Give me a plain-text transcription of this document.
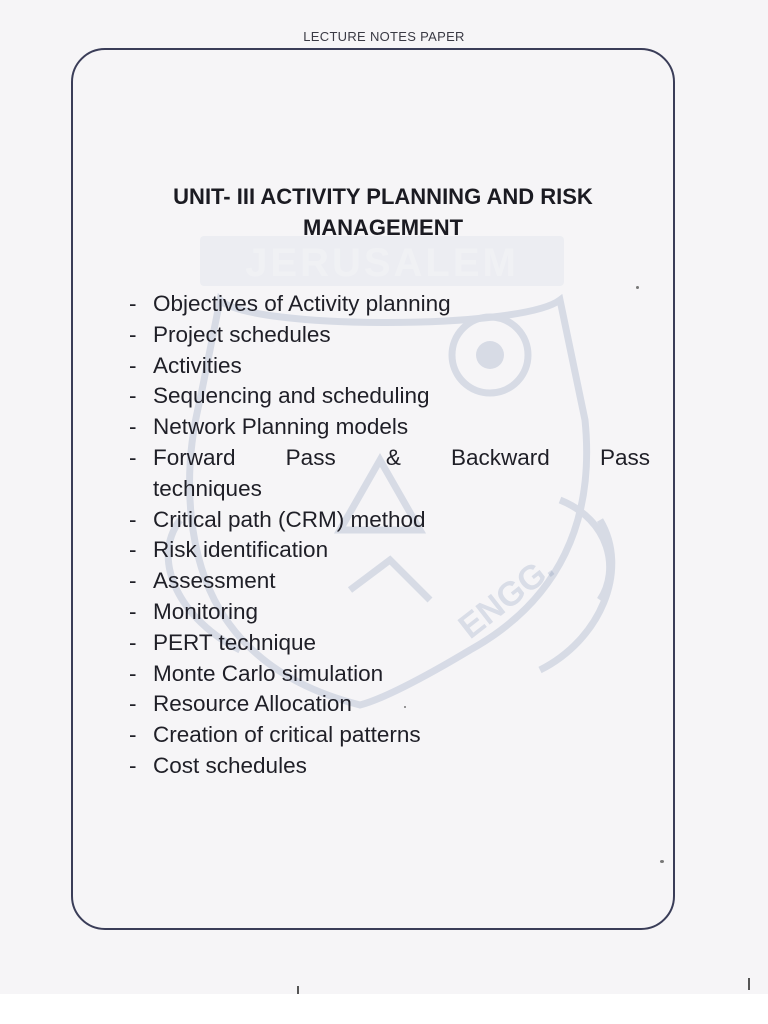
JERUSALEM
ENGG.
LECTURE NOTES PAPER
UNIT- III ACTIVITY PLANNING AND RISK
MANAGEMENT
- Objectives of Activity planning
- Project schedules
- Activities
- Sequencing and scheduling
- Network Planning models
- Forward Pass & Backward Pass
techniques
- Critical path (CRM) method
- Risk identification
- Assessment
- Monitoring
- PERT technique
- Monte Carlo simulation
- Resource Allocation
- Creation of critical patterns
- Cost schedules
